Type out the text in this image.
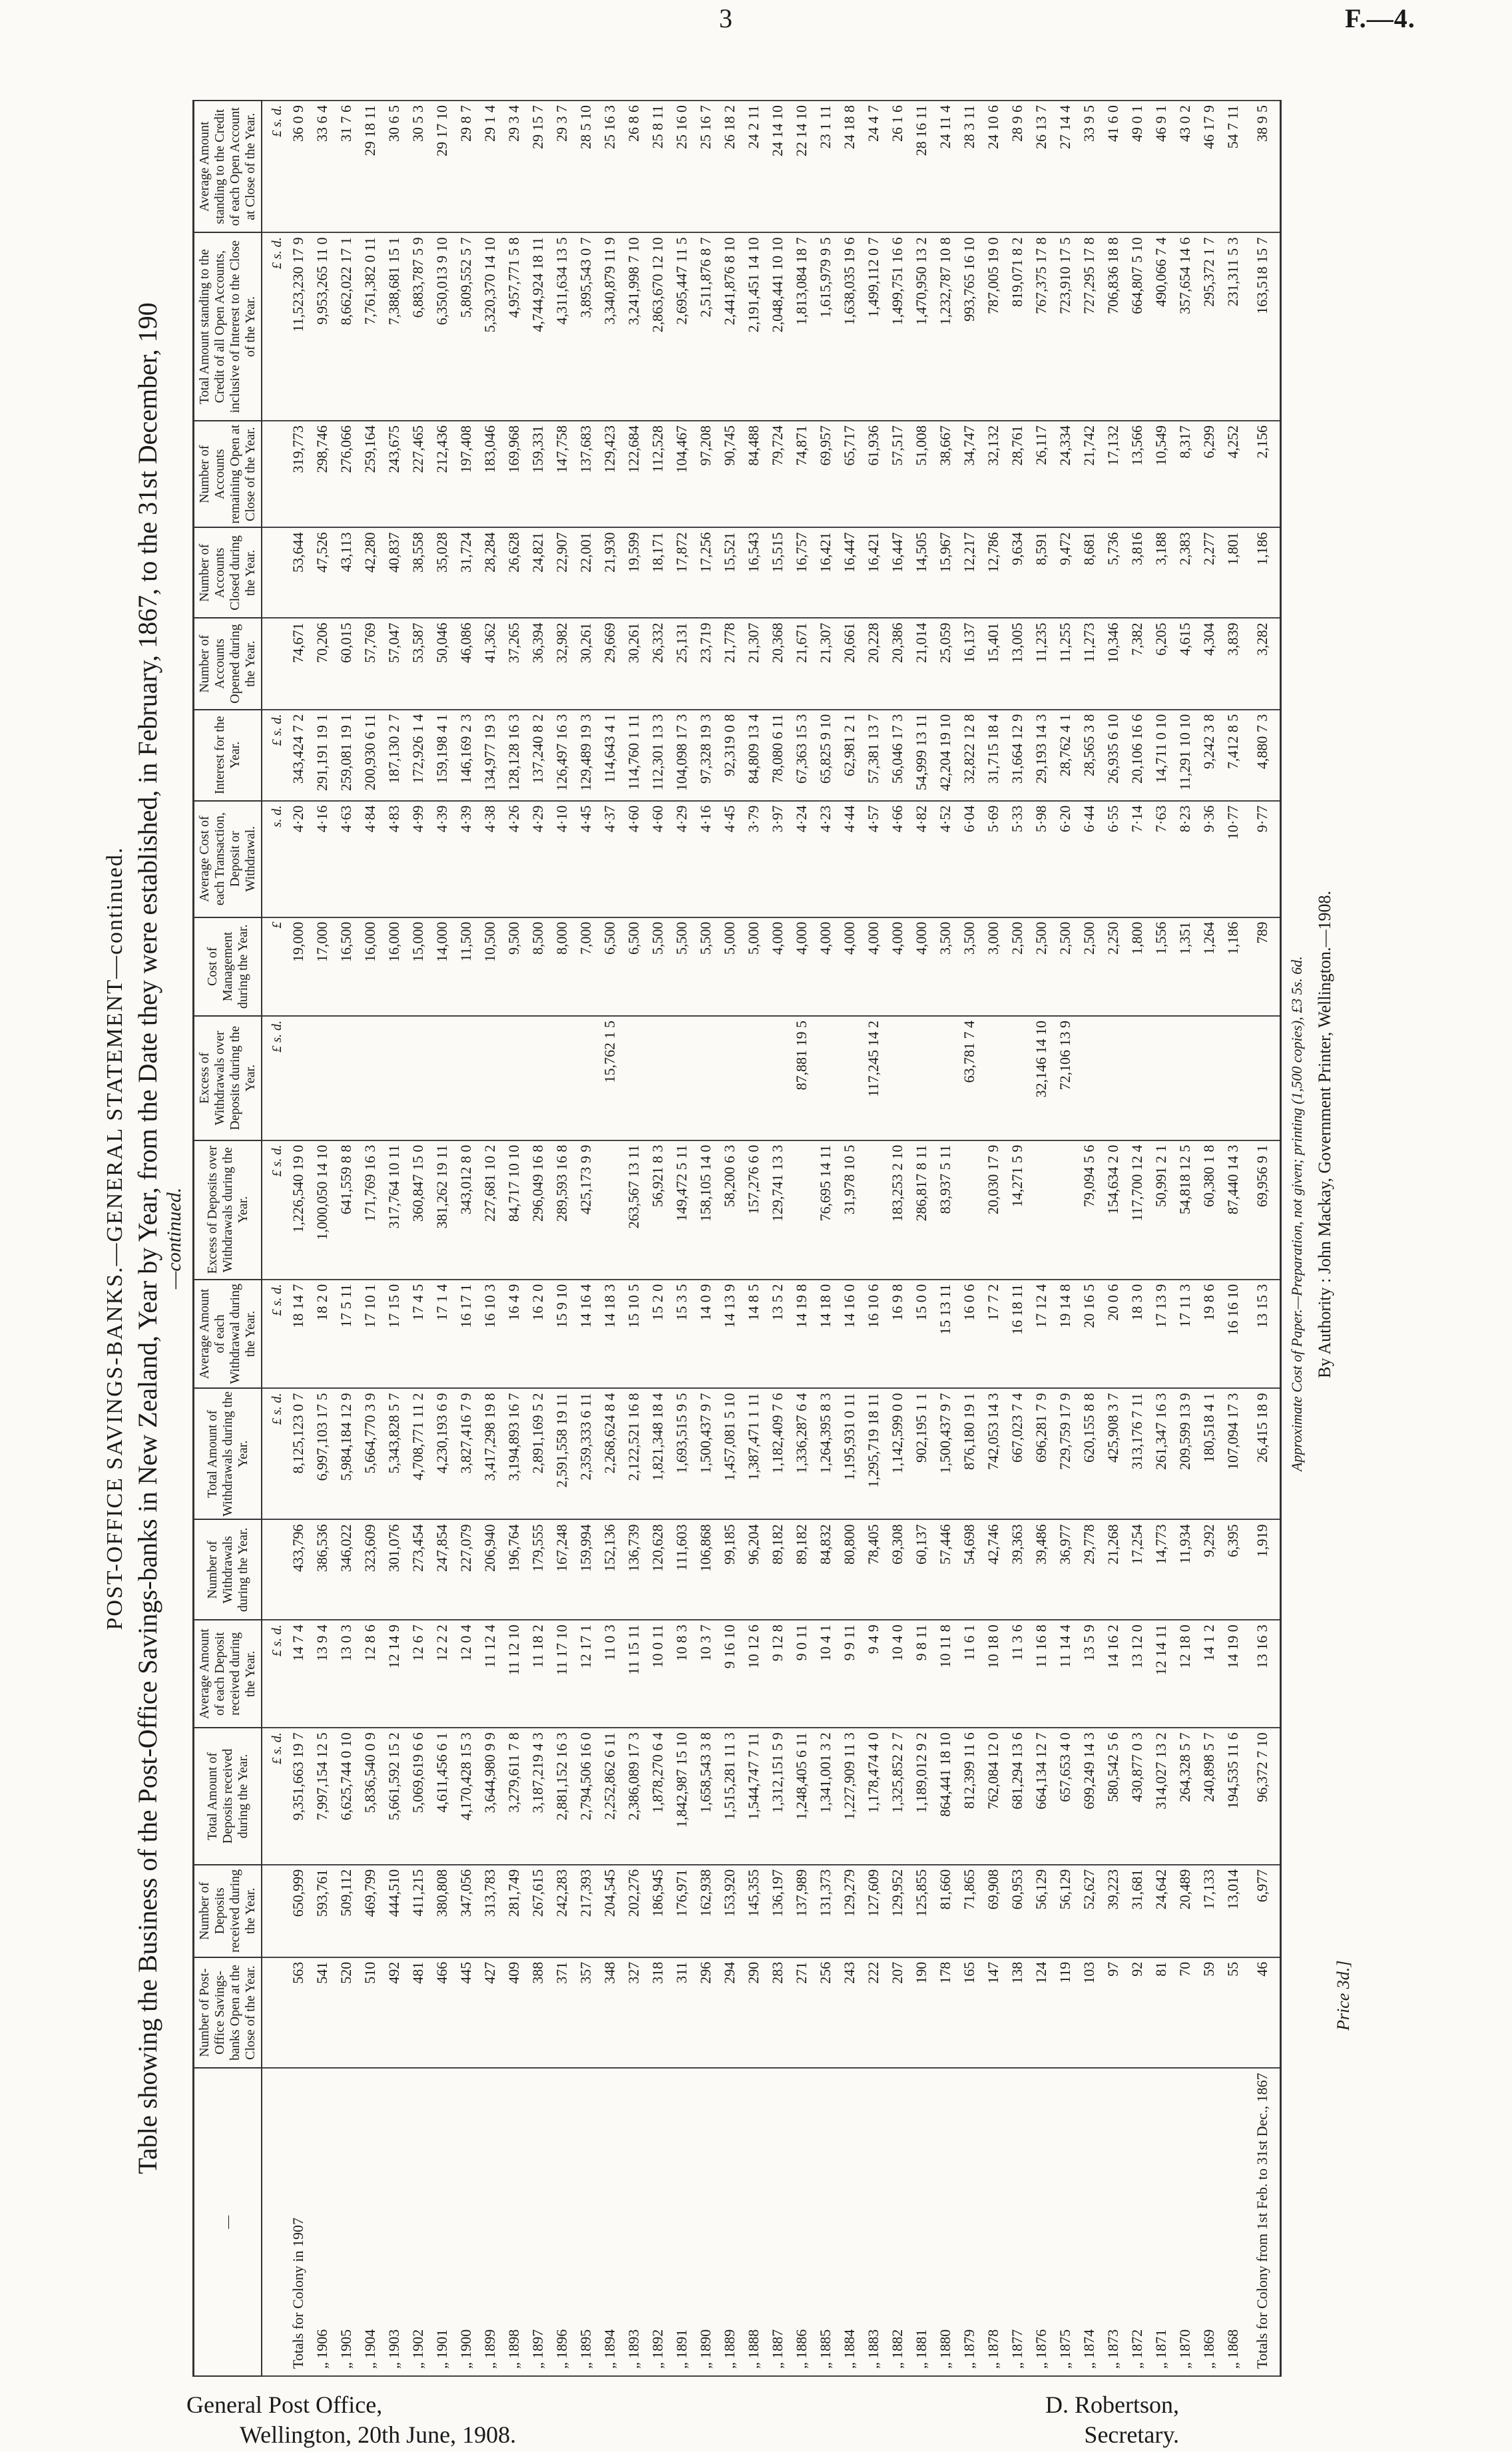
3	F.—4.
POST-OFFICE SAVINGS-BANKS.—GENERAL STATEMENT—continued. Table showing the Business of the Post-Office Savings-banks in New Zealand, Year by Year, from the Date they were established, in February, 1867, to the 31st December, 190 —continued.
—	Number of Post-Office Savings-banks Open at the Close of the Year.	Number of Deposits received during the Year.	Total Amount of Deposits received during the Year.	Average Amount of each Deposit received during the Year.	Number of Withdrawals during the Year.	Total Amount of Withdrawals during the Year.	Average Amount of each Withdrawal during the Year.	Excess of Deposits over Withdrawals during the Year.	Excess of Withdrawals over Deposits during the Year.	Cost of Management during the Year.	Average Cost of each Transaction, Deposit or Withdrawal.	Interest for the Year.	Number of Accounts Opened during the Year.	Number of Accounts Closed during the Year.	Number of Accounts remaining Open at Close of the Year.	Total Amount standing to the Credit of all Open Accounts, inclusive of Interest to the Close of the Year.	Average Amount standing to the Credit of each Open Account at Close of the Year.
			£ s. d.	£ s. d.		£ s. d.	£ s. d.	£ s. d.	£ s. d.	£	s. d.	£ s. d.				£ s. d.	£ s. d.
Totals for Colony in 1907	563	650,999	9,351,663 19 7	14 7 4	433,796	8,125,123 0 7	18 14 7	1,226,540 19 0		19,000	4·20	343,424 7 2	74,671	53,644	319,773	11,523,230 17 9	36 0 9
„ 1906	541	593,761	7,997,154 12 5	13 9 4	386,536	6,997,103 17 5	18 2 0	1,000,050 14 10		17,000	4·16	291,191 19 1	70,206	47,526	298,746	9,953,265 11 0	33 6 4
„ 1905	520	509,112	6,625,744 0 10	13 0 3	346,022	5,984,184 12 9	17 5 11	641,559 8 8		16,500	4·63	259,081 19 1	60,015	43,113	276,066	8,662,022 17 1	31 7 6
„ 1904	510	469,799	5,836,540 0 9	12 8 6	323,609	5,664,770 3 9	17 10 1	171,769 16 3		16,000	4·84	200,930 6 11	57,769	42,280	259,164	7,761,382 0 11	29 18 11
„ 1903	492	444,510	5,661,592 15 2	12 14 9	301,076	5,343,828 5 7	17 15 0	317,764 10 11		16,000	4·83	187,130 2 7	57,047	40,837	243,675	7,388,681 15 1	30 6 5
„ 1902	481	411,215	5,069,619 6 6	12 6 7	273,454	4,708,771 11 2	17 4 5	360,847 15 0		15,000	4·99	172,926 1 4	53,587	38,558	227,465	6,883,787 5 9	30 5 3
„ 1901	466	380,808	4,611,456 6 1	12 2 2	247,854	4,230,193 6 9	17 1 4	381,262 19 11		14,000	4·39	159,198 4 1	50,046	35,028	212,436	6,350,013 9 10	29 17 10
„ 1900	445	347,056	4,170,428 15 3	12 0 4	227,079	3,827,416 7 9	16 17 1	343,012 8 0		11,500	4·39	146,169 2 3	46,086	31,724	197,408	5,809,552 5 7	29 8 7
„ 1899	427	313,783	3,644,980 9 9	11 12 4	206,940	3,417,298 19 8	16 10 3	227,681 10 2		10,500	4·38	134,977 19 3	41,362	28,284	183,046	5,320,370 14 10	29 1 4
„ 1898	409	281,749	3,279,611 7 8	11 12 10	196,764	3,194,893 16 7	16 4 9	84,717 10 10		9,500	4·26	128,128 16 3	37,265	26,628	169,968	4,957,771 5 8	29 3 4
„ 1897	388	267,615	3,187,219 4 3	11 18 2	179,555	2,891,169 5 2	16 2 0	296,049 16 8		8,500	4·29	137,240 8 2	36,394	24,821	159,331	4,744,924 18 11	29 15 7
„ 1896	371	242,283	2,881,152 16 3	11 17 10	167,248	2,591,558 19 11	15 9 10	289,593 16 8		8,000	4·10	126,497 16 3	32,982	22,907	147,758	4,311,634 13 5	29 3 7
„ 1895	357	217,393	2,794,506 16 0	12 17 1	159,994	2,359,333 6 11	14 16 4	425,173 9 9		7,000	4·45	129,489 19 3	30,261	22,001	137,683	3,895,543 0 7	28 5 10
„ 1894	348	204,545	2,252,862 6 11	11 0 3	152,136	2,268,624 8 4	14 18 3		15,762 1 5	6,500	4·37	114,643 4 1	29,669	21,930	129,423	3,340,879 11 9	25 16 3
„ 1893	327	202,276	2,386,089 17 3	11 15 11	136,739	2,122,521 16 8	15 10 5	263,567 13 11		6,500	4·60	114,760 1 11	30,261	19,599	122,684	3,241,998 7 10	26 8 6
„ 1892	318	186,945	1,878,270 6 4	10 0 11	120,628	1,821,348 18 4	15 2 0	56,921 8 3		5,500	4·60	112,301 13 3	26,332	18,171	112,528	2,863,670 12 10	25 8 11
„ 1891	311	176,971	1,842,987 15 10	10 8 3	111,603	1,693,515 9 5	15 3 5	149,472 5 11		5,500	4·29	104,098 17 3	25,131	17,872	104,467	2,695,447 11 5	25 16 0
„ 1890	296	162,938	1,658,543 3 8	10 3 7	106,868	1,500,437 9 7	14 0 9	158,105 14 0		5,500	4·16	97,328 19 3	23,719	17,256	97,208	2,511,876 8 7	25 16 7
„ 1889	294	153,920	1,515,281 11 3	9 16 10	99,185	1,457,081 5 10	14 13 9	58,200 6 3		5,000	4·45	92,319 0 8	21,778	15,521	90,745	2,441,876 8 10	26 18 2
„ 1888	290	145,355	1,544,747 7 11	10 12 6	96,204	1,387,471 1 11	14 8 5	157,276 6 0		5,000	3·79	84,809 13 4	21,307	16,543	84,488	2,191,451 14 10	24 2 11
„ 1887	283	136,197	1,312,151 5 9	9 12 8	89,182	1,182,409 7 6	13 5 2	129,741 13 3		4,000	3·97	78,080 6 11	20,368	15,515	79,724	2,048,441 10 10	24 14 10
„ 1886	271	137,989	1,248,405 6 11	9 0 11	89,182	1,336,287 6 4	14 19 8		87,881 19 5	4,000	4·24	67,363 15 3	21,671	16,757	74,871	1,813,084 18 7	22 14 10
„ 1885	256	131,373	1,341,001 3 2	10 4 1	84,832	1,264,395 8 3	14 18 0	76,695 14 11		4,000	4·23	65,825 9 10	21,307	16,421	69,957	1,615,979 9 5	23 1 11
„ 1884	243	129,279	1,227,909 11 3	9 9 11	80,800	1,195,931 0 11	14 16 0	31,978 10 5		4,000	4·44	62,981 2 1	20,661	16,447	65,717	1,638,035 19 6	24 18 8
„ 1883	222	127,609	1,178,474 4 0	9 4 9	78,405	1,295,719 18 11	16 10 6		117,245 14 2	4,000	4·57	57,381 13 7	20,228	16,421	61,936	1,499,112 0 7	24 4 7
„ 1882	207	129,952	1,325,852 2 7	10 4 0	69,308	1,142,599 0 0	16 9 8	183,253 2 10		4,000	4·66	56,046 17 3	20,386	16,447	57,517	1,499,751 16 6	26 1 6
„ 1881	190	125,855	1,189,012 9 2	9 8 11	60,137	902,195 1 1	15 0 0	286,817 8 11		4,000	4·82	54,999 13 11	21,014	14,505	51,008	1,470,950 13 2	28 16 11
„ 1880	178	81,660	864,441 18 10	10 11 8	57,446	1,500,437 9 7	15 13 11	83,937 5 11		3,500	4·52	42,204 19 10	25,059	15,967	38,667	1,232,787 10 8	24 11 4
„ 1879	165	71,865	812,399 11 6	11 6 1	54,698	876,180 19 1	16 0 6		63,781 7 4	3,500	6·04	32,822 12 8	16,137	12,217	34,747	993,765 16 10	28 3 11
„ 1878	147	69,908	762,084 12 0	10 18 0	42,746	742,053 14 3	17 7 2	20,030 17 9		3,000	5·69	31,715 18 4	15,401	12,786	32,132	787,005 19 0	24 10 6
„ 1877	138	60,953	681,294 13 6	11 3 6	39,363	667,023 7 4	16 18 11	14,271 5 9		2,500	5·33	31,664 12 9	13,005	9,634	28,761	819,071 8 2	28 9 6
„ 1876	124	56,129	664,134 12 7	11 16 8	39,486	696,281 7 9	17 12 4		32,146 14 10	2,500	5·98	29,193 14 3	11,235	8,591	26,117	767,375 17 8	26 13 7
„ 1875	119	56,129	657,653 4 0	11 14 4	36,977	729,759 17 9	19 14 8		72,106 13 9	2,500	6·20	28,762 4 1	11,255	9,472	24,334	723,910 17 5	27 14 4
„ 1874	103	52,627	699,249 14 3	13 5 9	29,778	620,155 8 8	20 16 5	79,094 5 6		2,500	6·44	28,565 3 8	11,273	8,681	21,742	727,295 17 8	33 9 5
„ 1873	97	39,223	580,542 5 6	14 16 2	21,268	425,908 3 7	20 0 6	154,634 2 0		2,250	6·55	26,935 6 10	10,346	5,736	17,132	706,836 18 8	41 6 0
„ 1872	92	31,681	430,877 0 3	13 12 0	17,254	313,176 7 11	18 3 0	117,700 12 4		1,800	7·14	20,106 16 6	7,382	3,816	13,566	664,807 5 10	49 0 1
„ 1871	81	24,642	314,027 13 2	12 14 11	14,773	261,347 16 3	17 13 9	50,991 2 1		1,556	7·63	14,711 0 10	6,205	3,188	10,549	490,066 7 4	46 9 1
„ 1870	70	20,489	264,328 5 7	12 18 0	11,934	209,599 13 9	17 11 3	54,818 12 5		1,351	8·23	11,291 10 10	4,615	2,383	8,317	357,654 14 6	43 0 2
„ 1869	59	17,133	240,898 5 7	14 1 2	9,292	180,518 4 1	19 8 6	60,380 1 8		1,264	9·36	9,242 3 8	4,304	2,277	6,299	295,372 1 7	46 17 9
„ 1868	55	13,014	194,535 11 6	14 19 0	6,395	107,094 17 3	16 16 10	87,440 14 3		1,186	10·77	7,412 8 5	3,839	1,801	4,252	231,311 5 3	54 7 11
Totals for Colony from 1st Feb. to 31st Dec., 1867	46	6,977	96,372 7 10	13 16 3	1,919	26,415 18 9	13 15 3	69,956 9 1		789	9·77	4,880 7 3	3,282	1,186	2,156	163,518 15 7	38 9 5
Approximate Cost of Paper.—Preparation, not given; printing (1,500 copies), £3 5s. 6d.
Price 3d.]
By Authority : John Mackay, Government Printer, Wellington.—1908.
General Post Office,
Wellington, 20th June, 1908.
D. Robertson,
Secretary.
